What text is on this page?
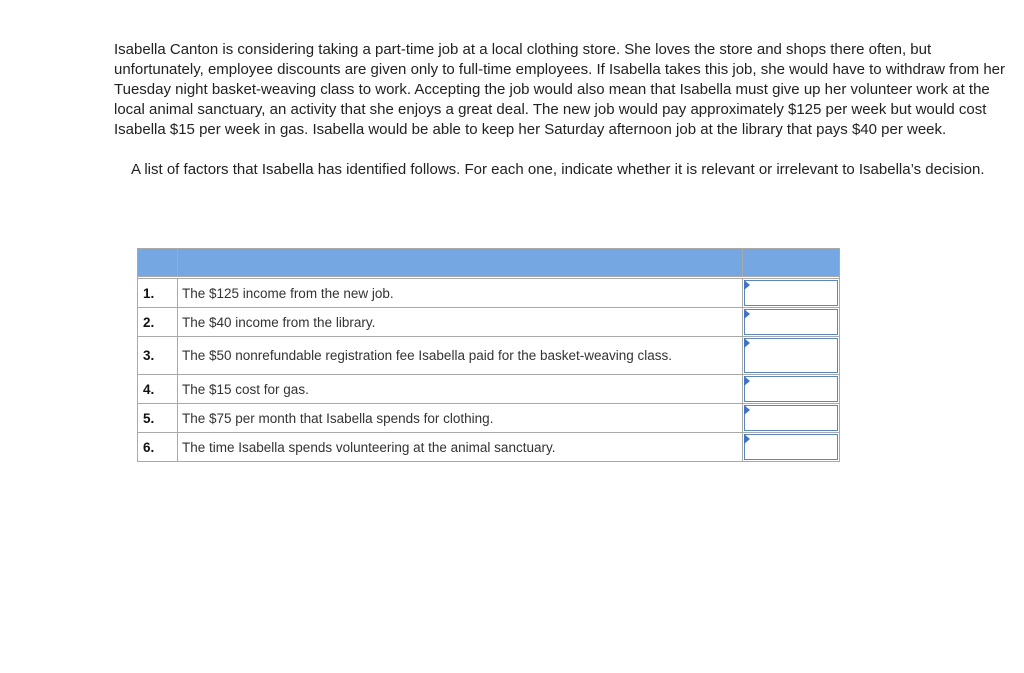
Isabella Canton is considering taking a part-time job at a local clothing store. She loves the store and shops there often, but unfortunately, employee discounts are given only to full-time employees. If Isabella takes this job, she would have to withdraw from her Tuesday night basket-weaving class to work. Accepting the job would also mean that Isabella must give up her volunteer work at the local animal sanctuary, an activity that she enjoys a great deal. The new job would pay approximately $125 per week but would cost Isabella $15 per week in gas. Isabella would be able to keep her Saturday afternoon job at the library that pays $40 per week.

A list of factors that Isabella has identified follows. For each one, indicate whether it is relevant or irrelevant to Isabella’s decision.

1.	The $125 income from the new job.	

2.	The $40 income from the library.	

3.	The $50 nonrefundable registration fee Isabella paid for the basket-weaving class.	

4.	The $15 cost for gas.	

5.	The $75 per month that Isabella spends for clothing.	

6.	The time Isabella spends volunteering at the animal sanctuary.	
